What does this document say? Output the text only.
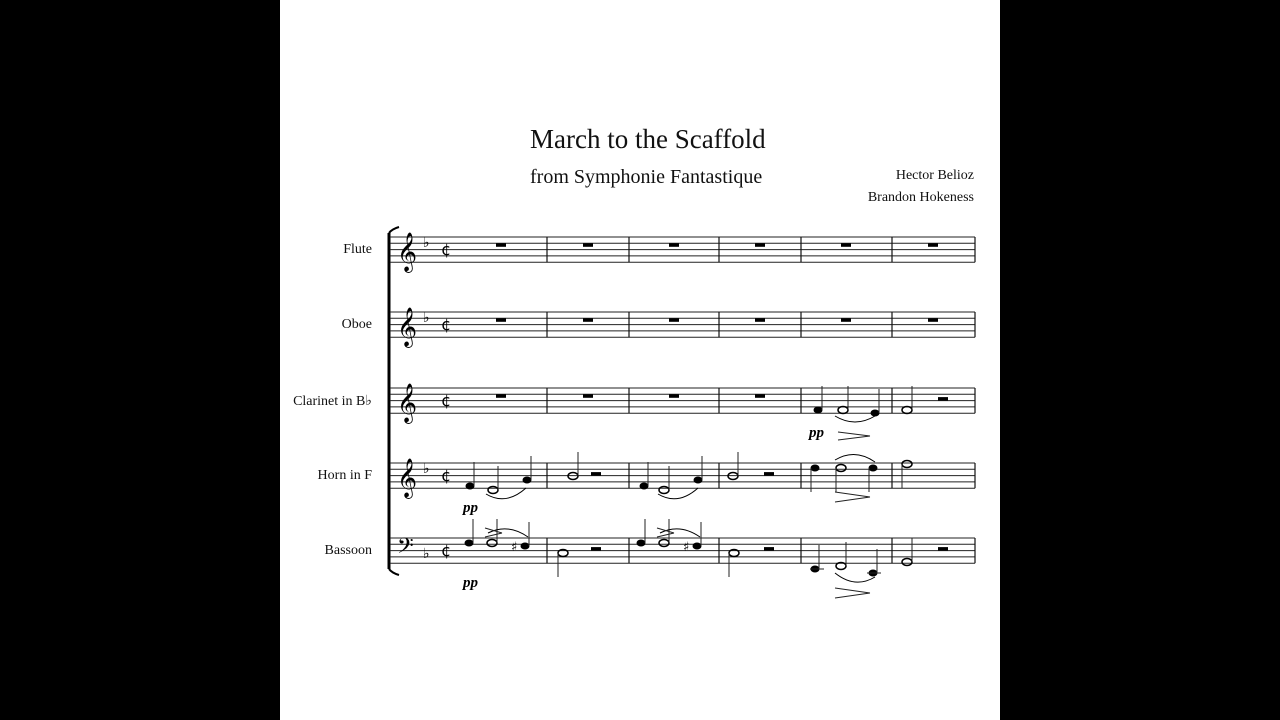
March to the Scaffold
from Symphonie Fantastique	Hector Belioz
Brandon Hokeness
Flute
Oboe
Clarinet in B♭
Horn in F
Bassoon
𝄞 ♭ ¢
𝄞 ♭ ¢
𝄞 ¢
𝄞 ♭ ¢
𝄢 ♭ ¢
pp
pp
♯	♯
pp
